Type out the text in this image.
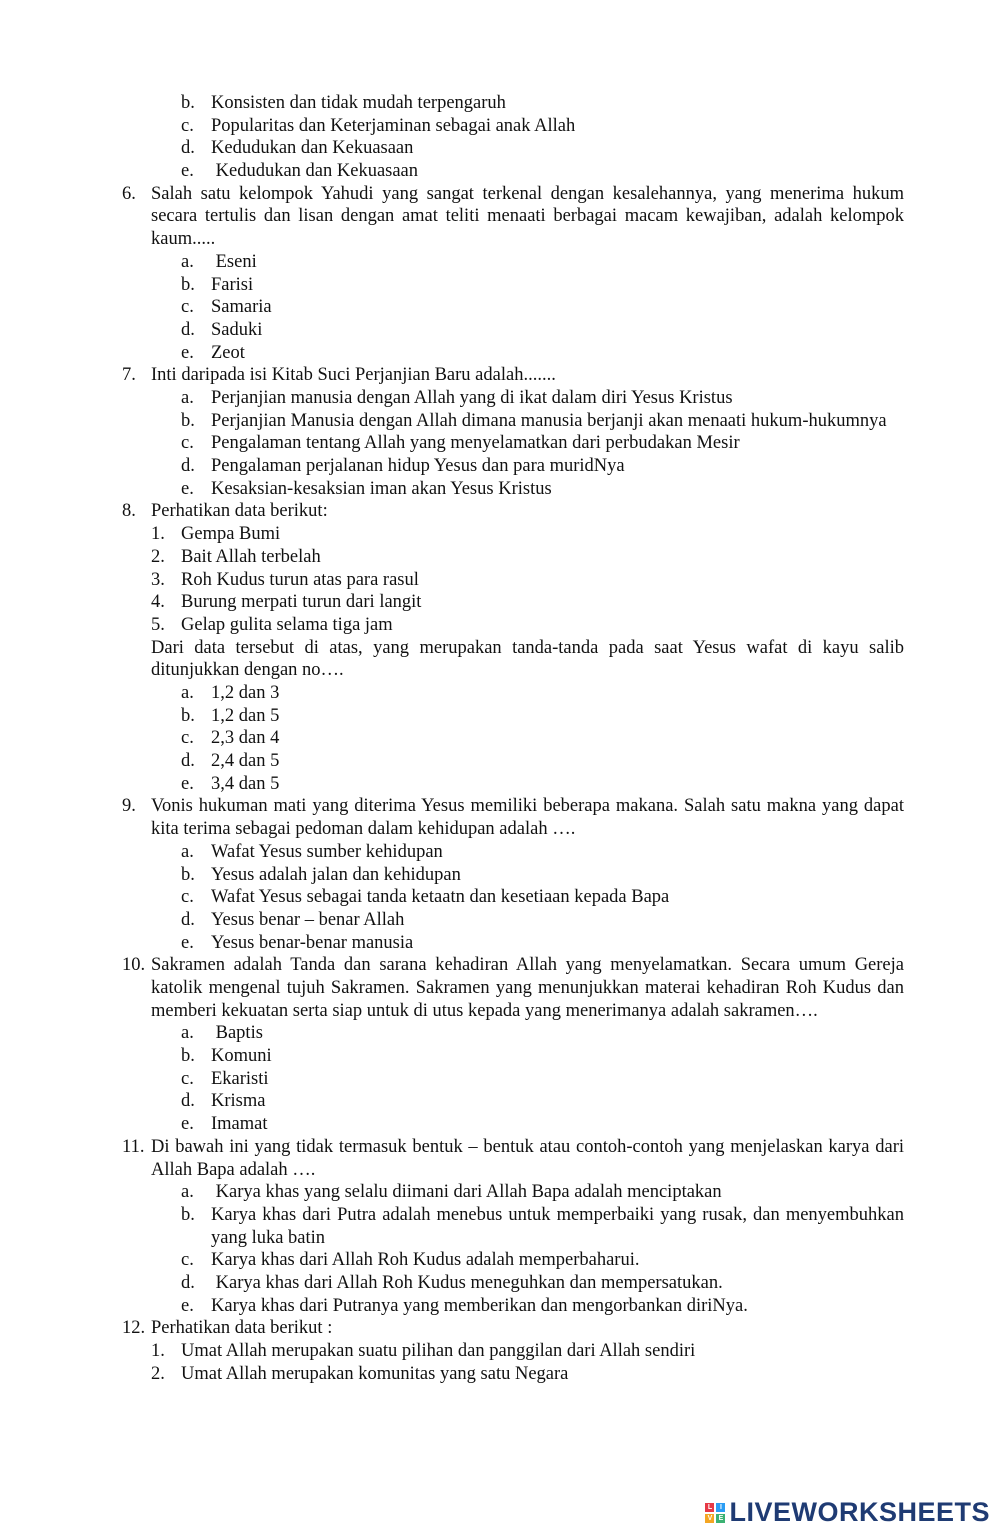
b. Konsisten dan tidak mudah terpengaruh
c. Popularitas dan Keterjaminan sebagai anak Allah
d. Kedudukan dan Kekuasaan
e. Kedudukan dan Kekuasaan
6. Salah satu kelompok Yahudi yang sangat terkenal dengan kesalehannya, yang menerima hukum secara tertulis dan lisan dengan amat teliti menaati berbagai macam kewajiban, adalah kelompok kaum.....
a. Eseni
b. Farisi
c. Samaria
d. Saduki
e. Zeot
7. Inti daripada isi Kitab Suci Perjanjian Baru adalah.......
a. Perjanjian manusia dengan Allah yang di ikat dalam diri Yesus Kristus
b. Perjanjian Manusia dengan Allah dimana manusia berjanji akan menaati hukum-hukumnya
c. Pengalaman tentang Allah yang menyelamatkan dari perbudakan Mesir
d. Pengalaman perjalanan hidup Yesus dan para muridNya
e. Kesaksian-kesaksian iman akan Yesus Kristus
8. Perhatikan data berikut:
1. Gempa Bumi
2. Bait Allah terbelah
3. Roh Kudus turun atas para rasul
4. Burung merpati turun dari langit
5. Gelap gulita selama tiga jam
Dari data tersebut di atas, yang merupakan tanda-tanda pada saat Yesus wafat di kayu salib ditunjukkan dengan no….
a. 1,2 dan 3
b. 1,2 dan 5
c. 2,3 dan 4
d. 2,4 dan 5
e. 3,4 dan 5
9. Vonis hukuman mati yang diterima Yesus memiliki beberapa makana. Salah satu makna yang dapat kita terima sebagai pedoman dalam kehidupan adalah ….
a. Wafat Yesus sumber kehidupan
b. Yesus adalah jalan dan kehidupan
c. Wafat Yesus sebagai tanda ketaatn dan kesetiaan kepada Bapa
d. Yesus benar – benar Allah
e. Yesus benar-benar manusia
10. Sakramen adalah Tanda dan sarana kehadiran Allah yang menyelamatkan. Secara umum Gereja katolik mengenal tujuh Sakramen. Sakramen yang menunjukkan materai kehadiran Roh Kudus dan memberi kekuatan serta siap untuk di utus kepada yang menerimanya adalah sakramen….
a. Baptis
b. Komuni
c. Ekaristi
d. Krisma
e. Imamat
11. Di bawah ini yang tidak termasuk bentuk – bentuk atau contoh-contoh yang menjelaskan karya dari Allah Bapa adalah ….
a. Karya khas yang selalu diimani dari Allah Bapa adalah menciptakan
b. Karya khas dari Putra adalah menebus untuk memperbaiki yang rusak, dan menyembuhkan yang luka batin
c. Karya khas dari Allah Roh Kudus adalah memperbaharui.
d. Karya khas dari Allah Roh Kudus meneguhkan dan mempersatukan.
e. Karya khas dari Putranya yang memberikan dan mengorbankan diriNya.
12. Perhatikan data berikut :
1. Umat Allah merupakan suatu pilihan dan panggilan dari Allah sendiri
2. Umat Allah merupakan komunitas yang satu Negara
L	I
V E LIVEWORKSHEETS
